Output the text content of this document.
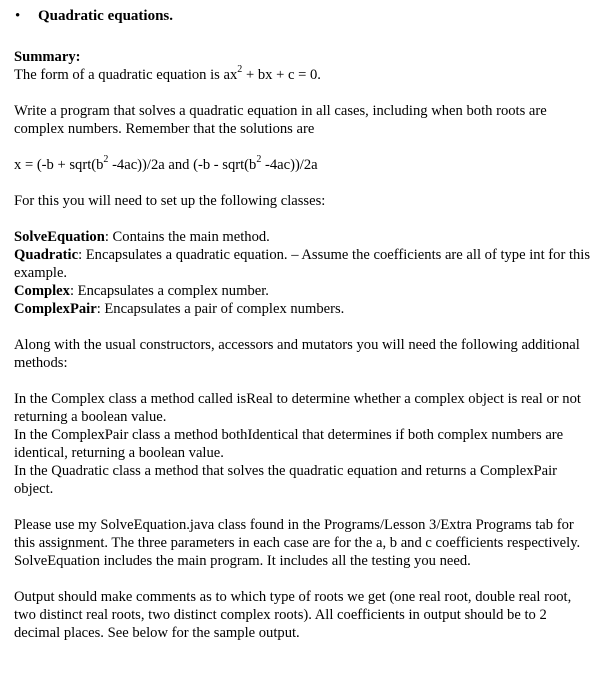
• Quadratic equations.
Summary:

The form of a quadratic equation is $ax^2$ + bx + c = 0.

Write a program that solves a quadratic equation in all cases, including when both roots are complex numbers. Remember that the solutions are

$x = (-b + sqrt(b^2$ -4ac))/2a and ($-b - sqrt(b^2$ -4ac))/2a

For this you will need to set up the following classes:

SolveEquation: Contains the main method.

Quadratic: Encapsulates a quadratic equation. – Assume the coefficients are all of type int for this example.

Complex: Encapsulates a complex number.

ComplexPair: Encapsulates a pair of complex numbers.

Along with the usual constructors, accessors and mutators you will need the following additional methods:

In the Complex class a method called isReal to determine whether a complex object is real or not returning a boolean value.

In the ComplexPair class a method bothIdentical that determines if both complex numbers are identical, returning a boolean value.

In the Quadratic class a method that solves the quadratic equation and returns a ComplexPair object.

Please use my SolveEquation.java class found in the Programs/Lesson 3/Extra Programs tab for this assignment. The three parameters in each case are for the a, b and c coefficients respectively. SolveEquation includes the main program. It includes all the testing you need.

Output should make comments as to which type of roots we get (one real root, double real root, two distinct real roots, two distinct complex roots). All coefficients in output should be to 2 decimal places. See below for the sample output.
